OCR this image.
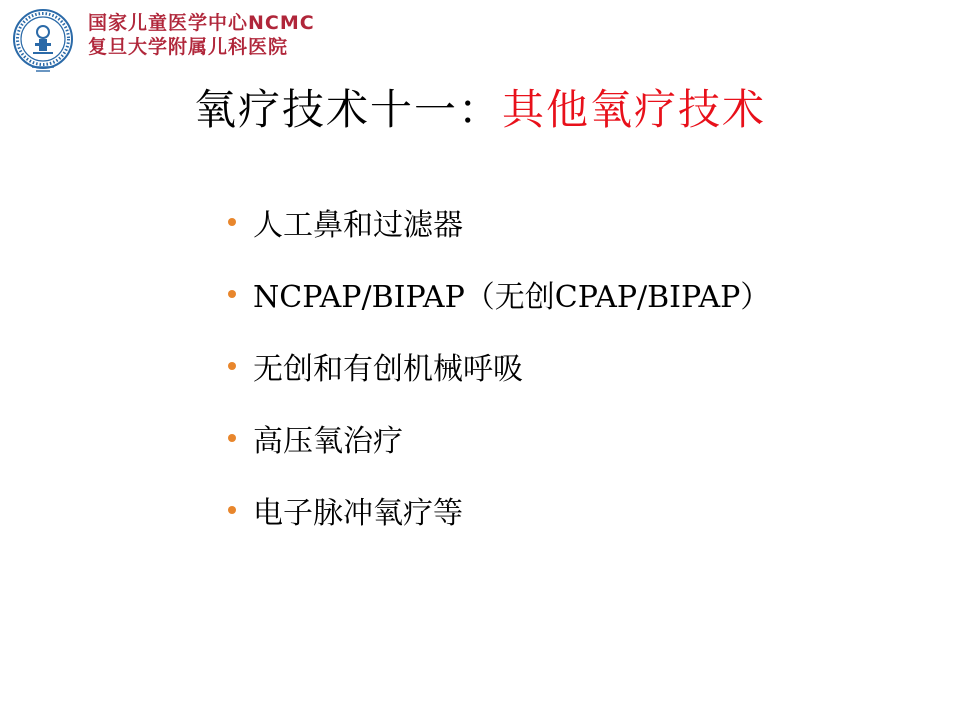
国家儿童医学中心NCMC
复旦大学附属儿科医院
氧疗技术十一：其他氧疗技术
人工鼻和过滤器
NCPAP/BIPAP（无创CPAP/BIPAP）
无创和有创机械呼吸
高压氧治疗
电子脉冲氧疗等
